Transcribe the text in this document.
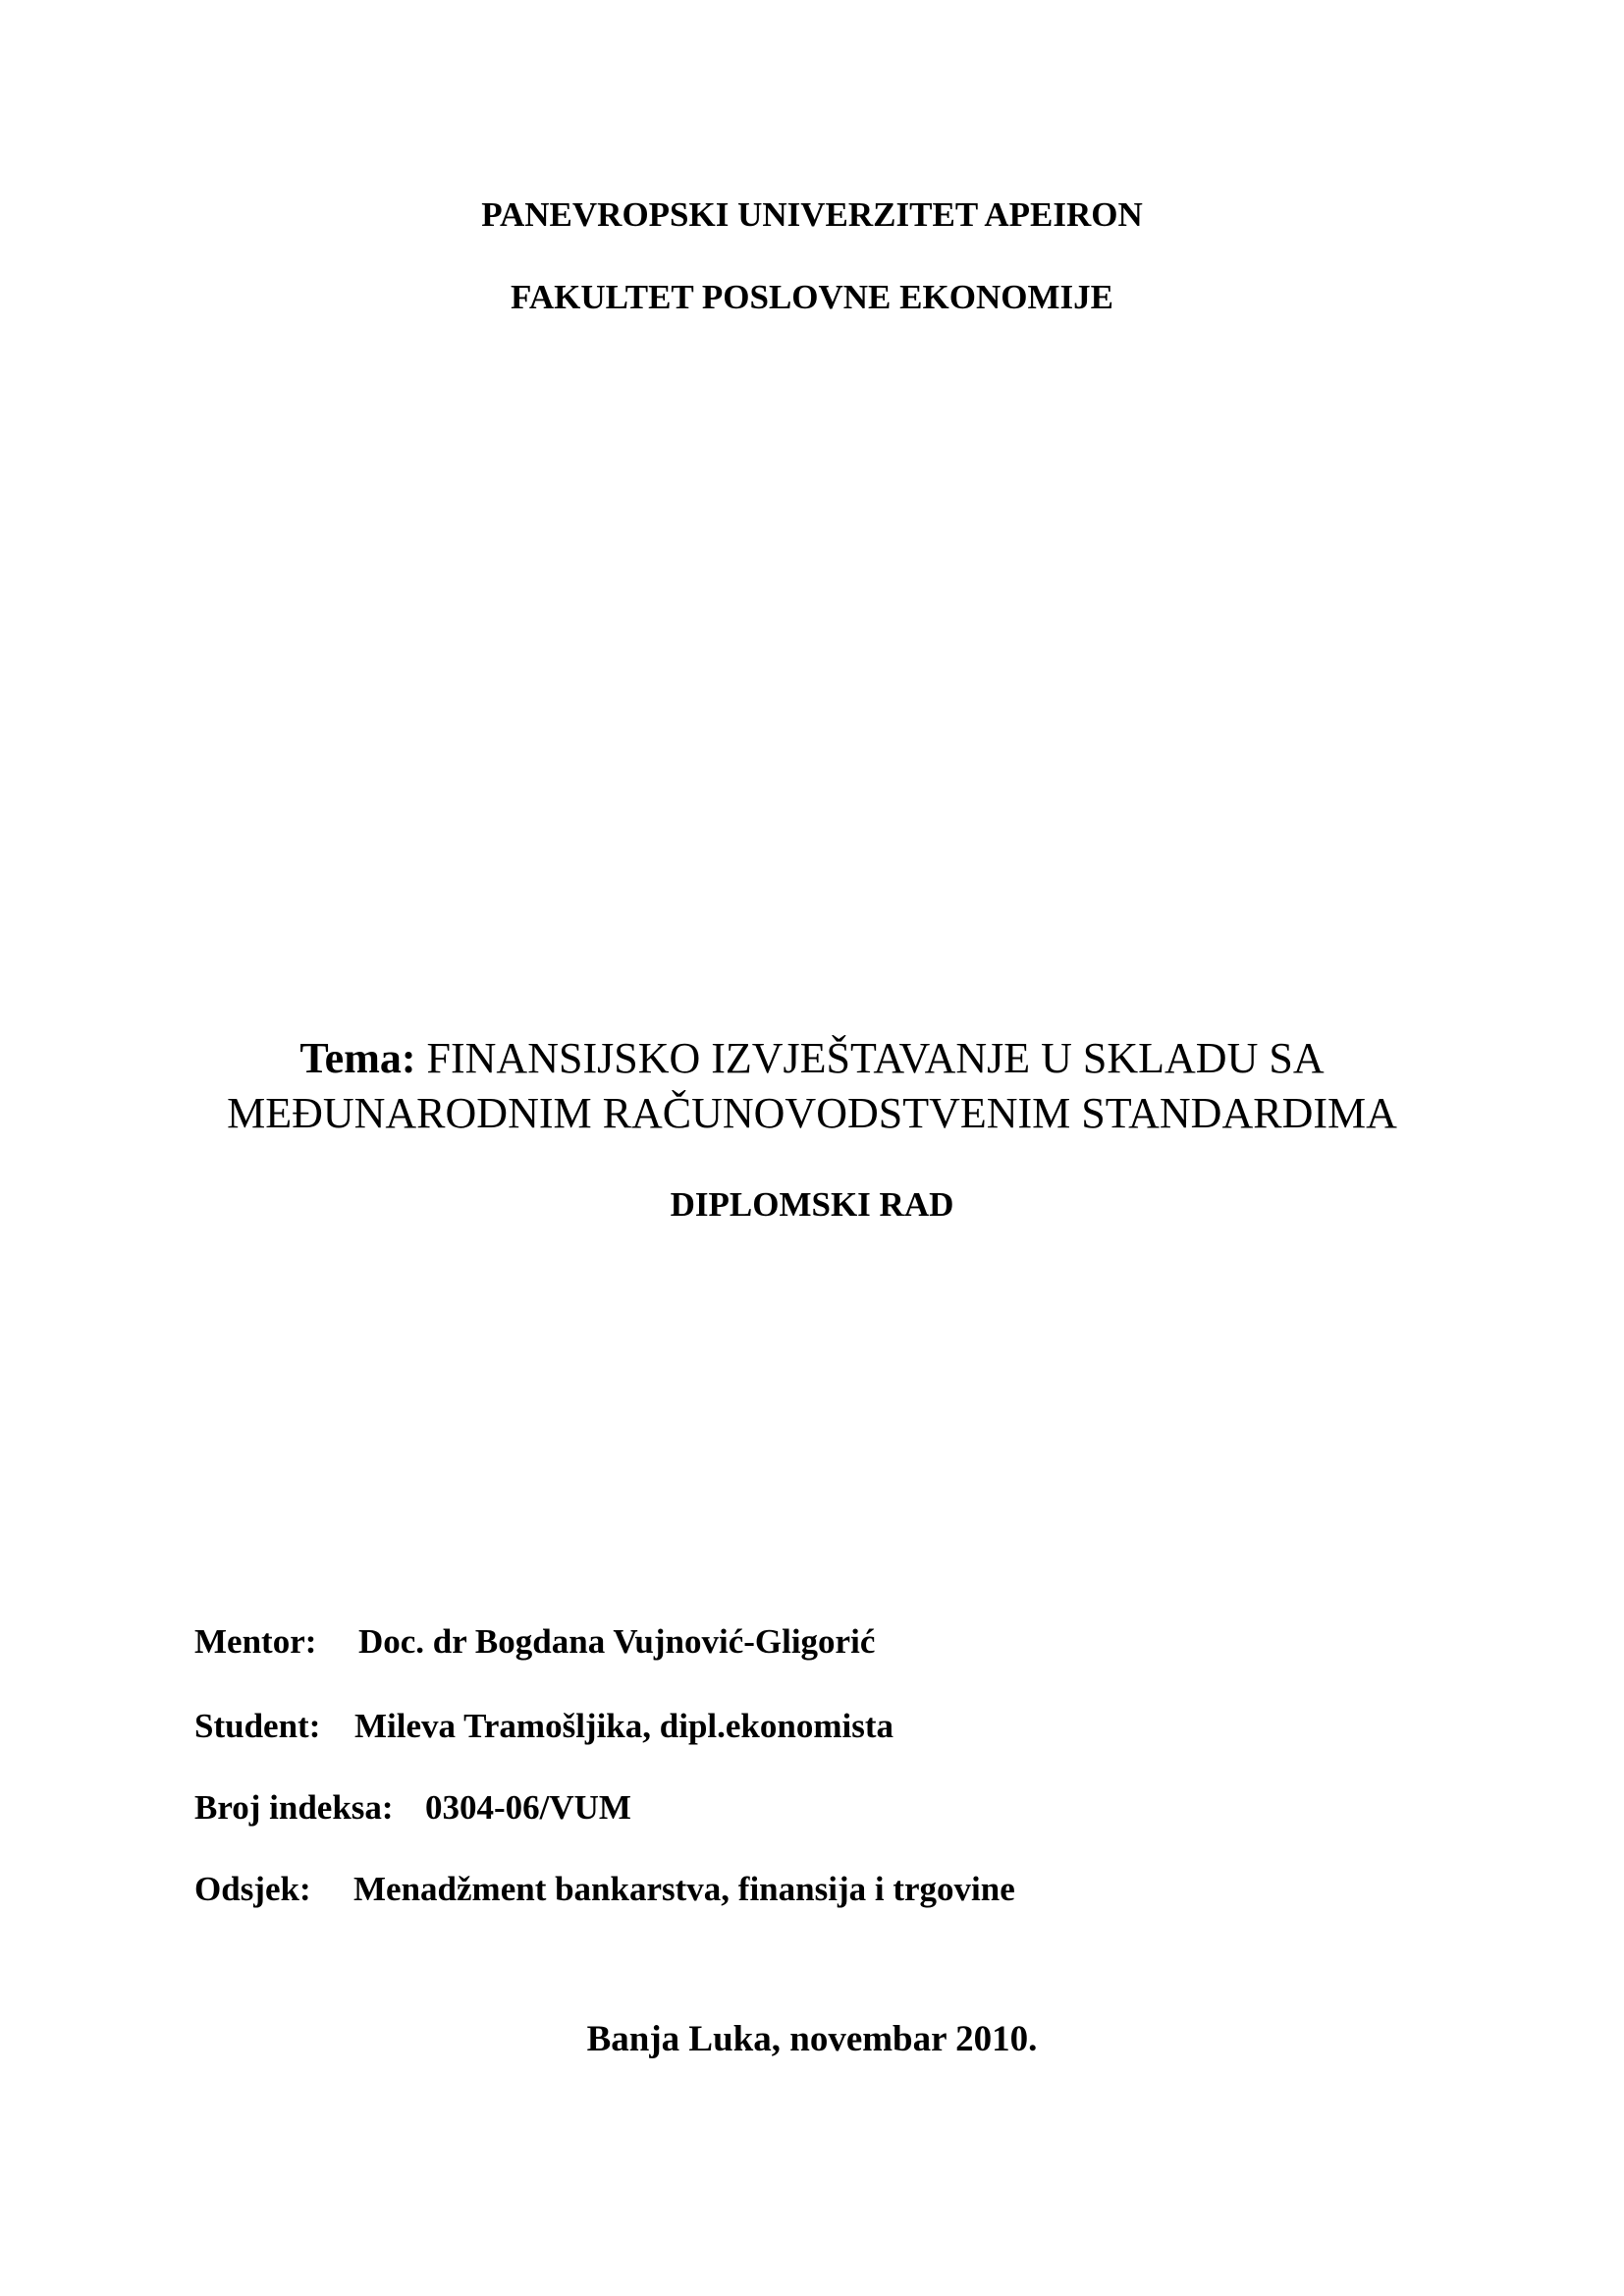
PANEVROPSKI UNIVERZITET APEIRON
FAKULTET POSLOVNE EKONOMIJE
Tema: FINANSIJSKO IZVJEŠTAVANJE U SKLADU SA
MEĐUNARODNIM RAČUNOVODSTVENIM STANDARDIMA
DIPLOMSKI RAD
Mentor: Doc. dr Bogdana Vujnović-Gligorić
Student: Mileva Tramošljika, dipl.ekonomista
Broj indeksa: 0304-06/VUM
Odsjek: Menadžment bankarstva, finansija i trgovine
Banja Luka, novembar 2010.
